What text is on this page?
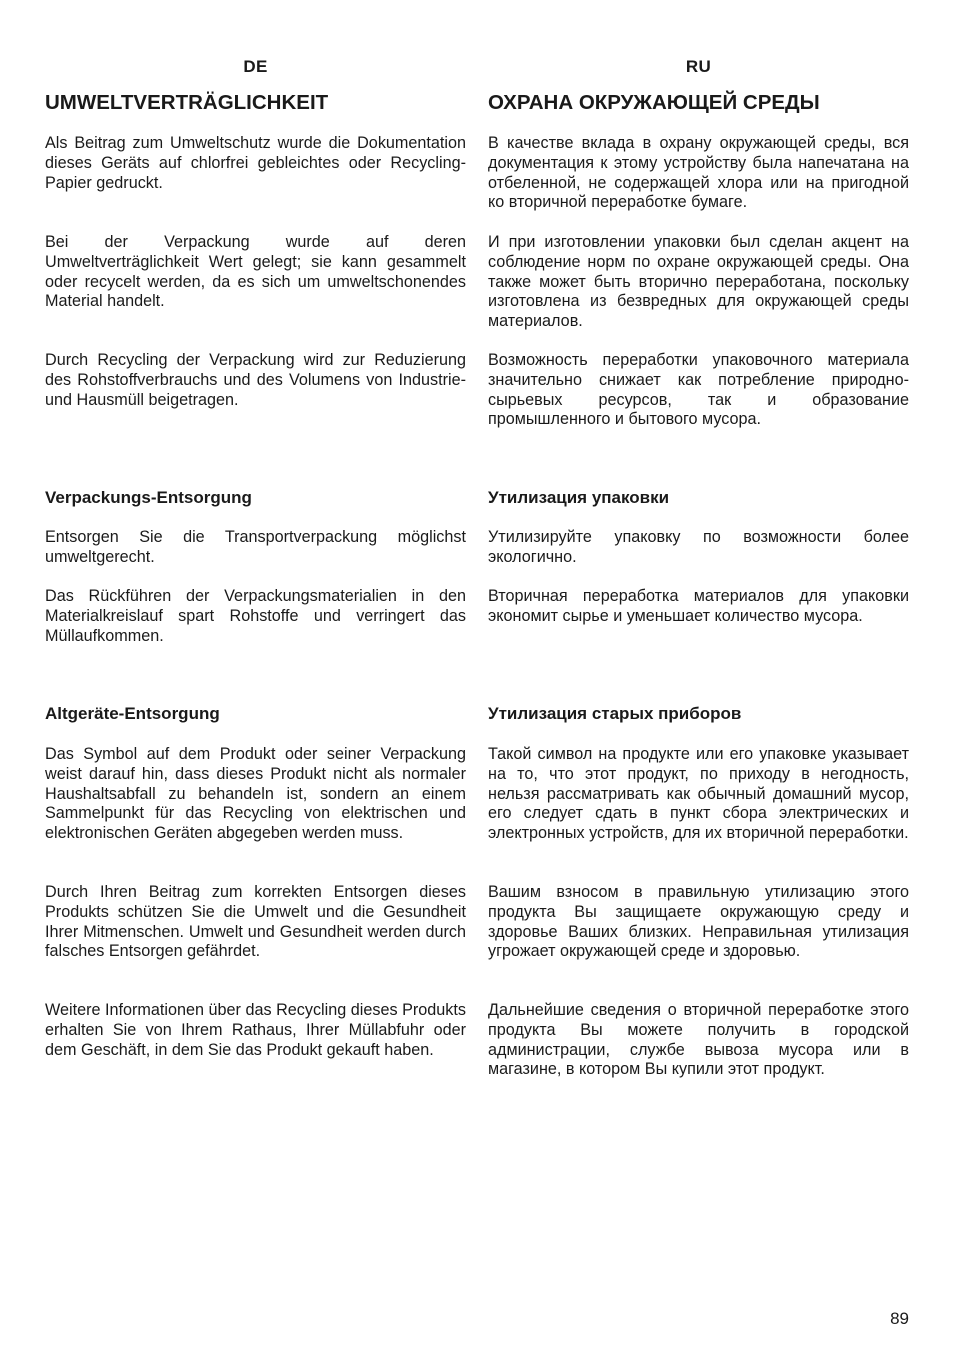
DE
UMWELTVERTRÄGLICHKEIT

Als Beitrag zum Umweltschutz wurde die Dokumentation dieses Geräts auf chlorfrei gebleichtes oder Recycling-Papier gedruckt.

Bei der Verpackung wurde auf deren Umweltverträglichkeit Wert gelegt; sie kann gesammelt oder recycelt werden, da es sich um umweltschonendes Material handelt.

Durch Recycling der Verpackung wird zur Reduzierung des Rohstoffverbrauchs und des Volumens von Industrie- und Hausmüll beigetragen.

Verpackungs-Entsorgung

Entsorgen Sie die Transportverpackung möglichst umweltgerecht.

Das Rückführen der Verpackungsmaterialien in den Materialkreislauf spart Rohstoffe und verringert das Müllaufkommen.

Altgeräte-Entsorgung

Das Symbol auf dem Produkt oder seiner Verpackung weist darauf hin, dass dieses Produkt nicht als normaler Haushaltsabfall zu behandeln ist, sondern an einem Sammelpunkt für das Recycling von elektrischen und elektronischen Geräten abgegeben werden muss.

Durch Ihren Beitrag zum korrekten Entsorgen dieses Produkts schützen Sie die Umwelt und die Gesundheit Ihrer Mitmenschen. Umwelt und Gesundheit werden durch falsches Entsorgen gefährdet.

Weitere Informationen über das Recycling dieses Produkts erhalten Sie von Ihrem Rathaus, Ihrer Müllabfuhr oder dem Geschäft, in dem Sie das Produkt gekauft haben.

RU
ОХРАНА ОКРУЖАЮЩЕЙ СРЕДЫ

В качестве вклада в охрану окружающей среды, вся документация к этому устройству была напечатана на отбеленной, не содержащей хлора или на пригодной ко вторичной переработке бумаге.

И при изготовлении упаковки был сделан акцент на соблюдение норм по охране окружающей среды. Она также может быть вторично переработана, поскольку изготовлена из безвредных для окружающей среды материалов.

Возможность переработки упаковочного материала значительно снижает как потребление природно-сырьевых ресурсов, так и образование промышленного и бытового мусора.

Утилизация упаковки

Утилизируйте упаковку по возможности более экологично.

Вторичная переработка материалов для упаковки экономит сырье и уменьшает количество мусора.

Утилизация старых приборов

Такой символ на продукте или его упаковке указывает на то, что этот продукт, по приходу в негодность, нельзя рассматривать как обычный домашний мусор, его следует сдать в пункт сбора электрических и электронных устройств, для их вторичной переработки.

Вашим взносом в правильную утилизацию этого продукта Вы защищаете окружающую среду и здоровье Ваших близких. Неправильная утилизация угрожает окружающей среде и здоровью.

Дальнейшие сведения о вторичной переработке этого продукта Вы можете получить в городской администрации, службе вывоза мусора или в магазине, в котором Вы купили этот продукт.

89
